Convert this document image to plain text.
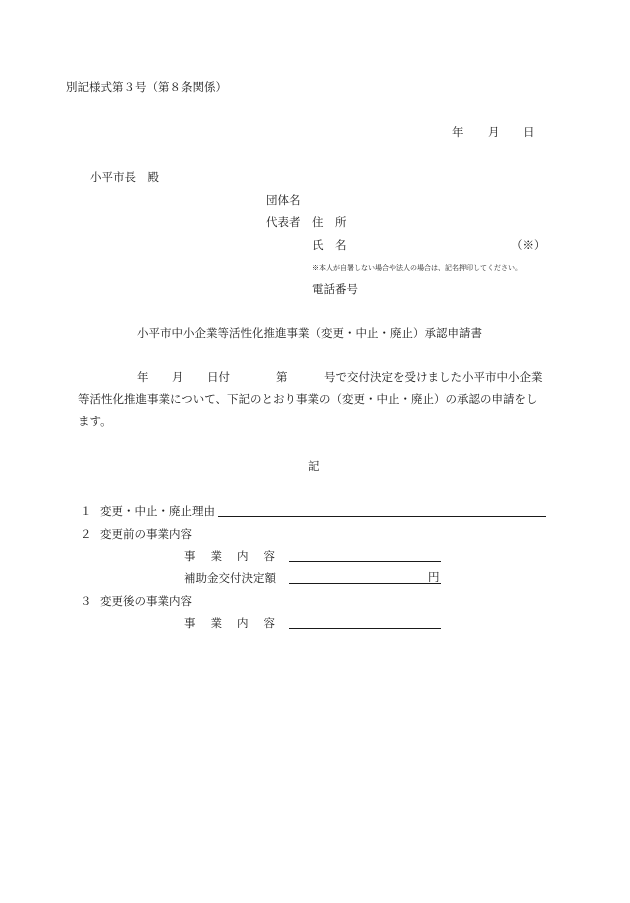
別記様式第３号（第８条関係）
年 月 日
小平市長　殿
団体名
代表者 住　所
氏　名	（※）
※本人が自署しない場合や法人の場合は、記名押印してください。
電話番号
小平市中小企業等活性化推進事業（変更・中止・廃止）承認申請書
年 月 日付	第	号で交付決定を受けました小平市中小企業
等活性化推進事業について、下記のとおり事業の（変更・中止・廃止）の承認の申請をし
ます。
記
１ 変更・中止・廃止理由
２ 変更前の事業内容
事 業 内 容
補助金交付決定額	円
３ 変更後の事業内容
事 業 内 容
